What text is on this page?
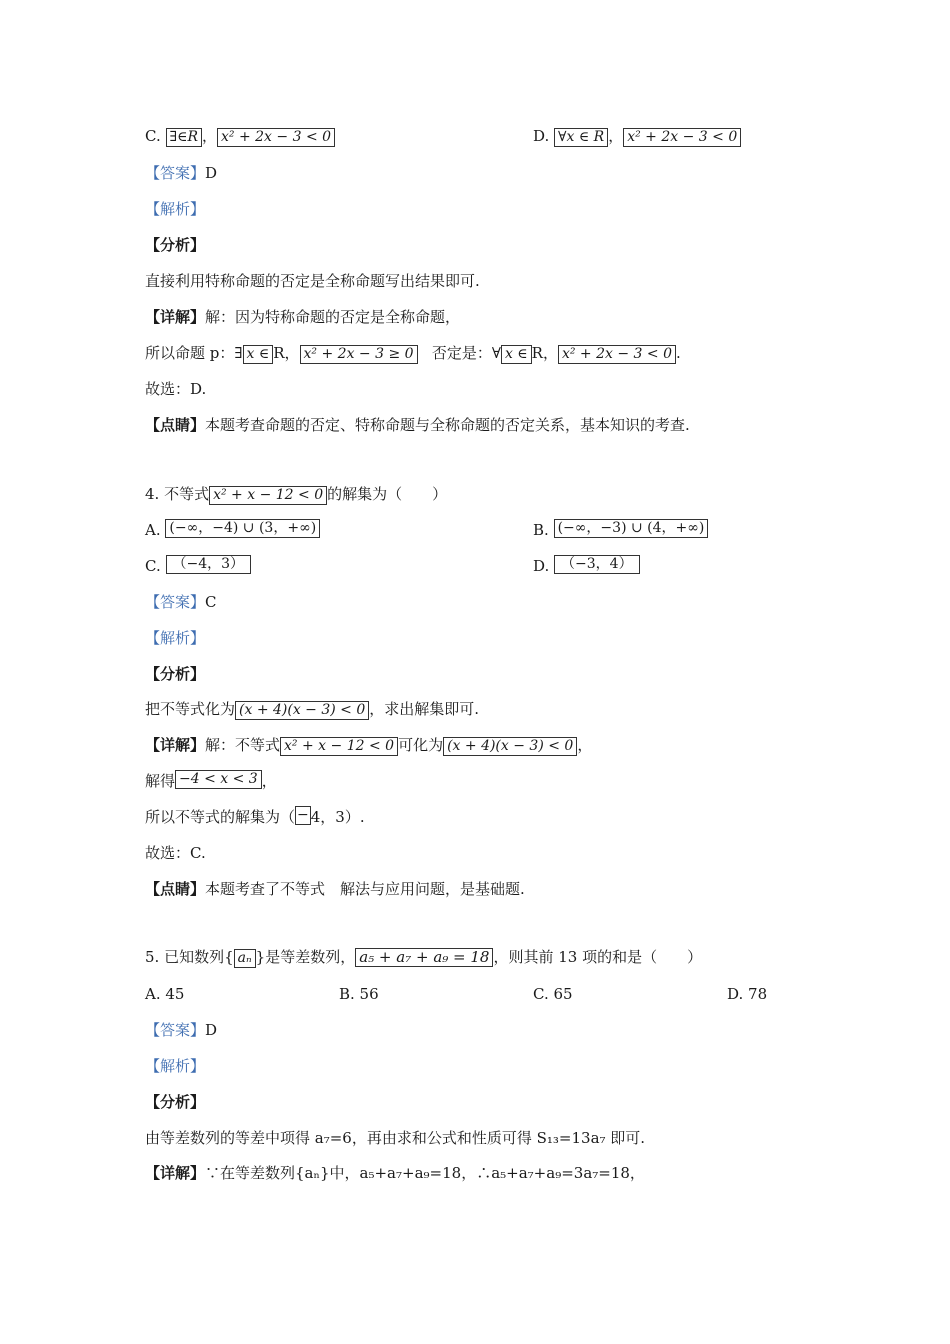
C. ∃∈R ， x² + 2x − 3 < 0	D. ∀x ∈ R ， x² + 2x − 3 < 0
【答案】D
【解析】
【分析】
直接利用特称命题的否定是全称命题写出结果即可.
【详解】解：因为特称命题的否定是全称命题，
所以命题 p：∃ x ∈ R， x² + 2x − 3 ≥ 0 否定是：∀ x ∈ R， x² + 2x − 3 < 0 .
故选：D.
【点睛】本题考查命题的否定、特称命题与全称命题的否定关系，基本知识的考查.
4. 不等式 x² + x − 12 < 0 的解集为（　　）
A. (−∞，−4) ∪ (3，+∞)	B. (−∞，−3) ∪ (4，+∞)
C. （−4，3）	D. （−3，4）
【答案】C
【解析】
【分析】
把不等式化为 (x + 4)(x − 3) < 0 ，求出解集即可.
【详解】解：不等式 x² + x − 12 < 0 可化为 (x + 4)(x − 3) < 0 ，
解得 −4 < x < 3 ，
所以不等式的解集为（ − 4，3）.
故选：C.
【点睛】本题考查了不等式　解法与应用问题，是基础题.
5. 已知数列{ aₙ }是等差数列， a₅ + a₇ + a₉ = 18 ，则其前 13 项的和是（　　）
A. 45	B. 56	C. 65	D. 78
【答案】D
【解析】
【分析】
由等差数列的等差中项得 a₇=6，再由求和公式和性质可得 S₁₃=13a₇ 即可.
【详解】∵在等差数列{aₙ}中，a₅+a₇+a₉=18，∴a₅+a₇+a₉=3a₇=18，
